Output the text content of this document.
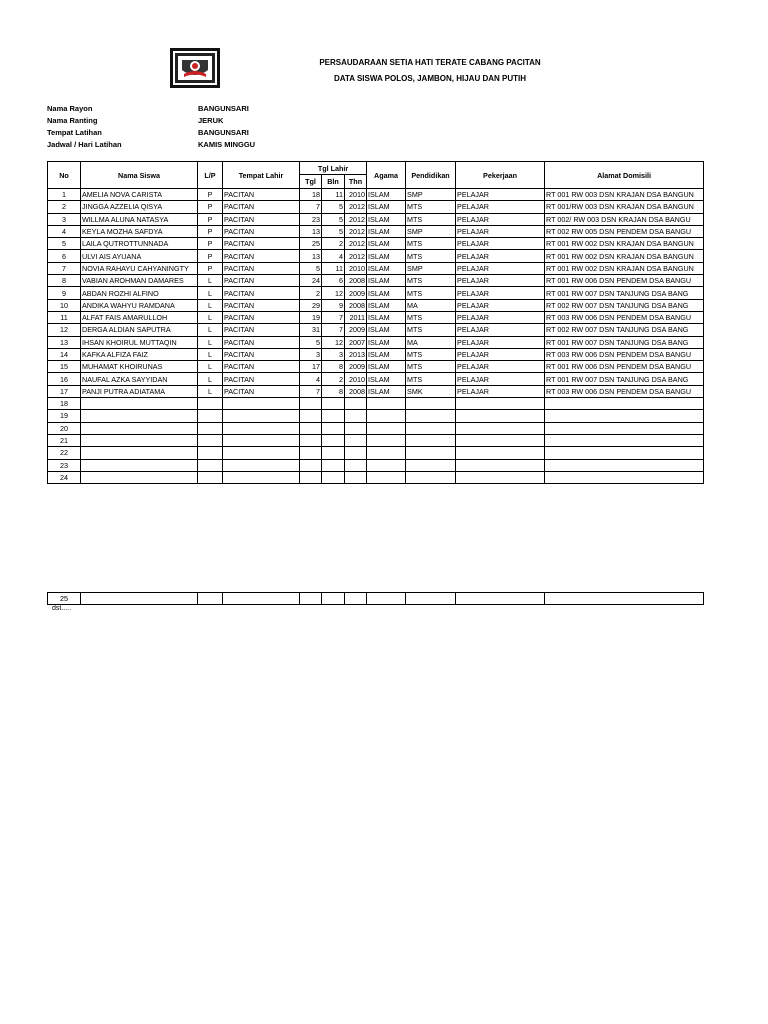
PERSAUDARAAN SETIA HATI TERATE CABANG PACITAN
DATA SISWA POLOS, JAMBON, HIJAU DAN PUTIH
Nama Rayon	BANGUNSARI
Nama Ranting	JERUK
Tempat Latihan	BANGUNSARI
Jadwal / Hari Latihan	KAMIS MINGGU
No	Nama Siswa	L/P	Tempat Lahir	Tgl Lahir			Agama	Pendidikan	Pekerjaan	Alamat Domisili
				Tgl	Bln	Thn				
1	AMELIA NOVA CARISTA	P	PACITAN	18	11	2010	ISLAM	SMP	PELAJAR	RT 001 RW 003 DSN KRAJAN DSA BANGUN
2	JINGGA AZZELIA QISYA	P	PACITAN	7	5	2012	ISLAM	MTS	PELAJAR	RT 001/RW 003 DSN KRAJAN DSA BANGUN
3	WILLMA ALUNA NATASYA	P	PACITAN	23	5	2012	ISLAM	MTS	PELAJAR	RT 002/ RW 003 DSN KRAJAN DSA BANGU
4	KEYLA MOZHA SAFDYA	P	PACITAN	13	5	2012	ISLAM	SMP	PELAJAR	RT 002 RW 005 DSN PENDEM DSA BANGU
5	LAILA QUTROTTUNNADA	P	PACITAN	25	2	2012	ISLAM	MTS	PELAJAR	RT 001 RW 002 DSN KRAJAN DSA BANGUN
6	ULVI AIS AYUANA	P	PACITAN	13	4	2012	ISLAM	MTS	PELAJAR	RT 001 RW 002 DSN KRAJAN DSA BANGUN
7	NOVIA RAHAYU CAHYANINGTY	P	PACITAN	5	11	2010	ISLAM	SMP	PELAJAR	RT 001 RW 002 DSN KRAJAN DSA BANGUN
8	VABIAN AROHMAN DAMARES	L	PACITAN	24	6	2008	ISLAM	MTS	PELAJAR	RT 001 RW 006 DSN PENDEM DSA BANGU
9	ABDAN ROZHI ALFINO	L	PACITAN	2	12	2009	ISLAM	MTS	PELAJAR	RT 001 RW 007 DSN TANJUNG DSA BANG
10	ANDIKA WAHYU RAMDANA	L	PACITAN	29	9	2008	ISLAM	MA	PELAJAR	RT 002 RW 007 DSN TANJUNG DSA BANG
11	ALFAT FAIS AMARULLOH	L	PACITAN	19	7	2011	ISLAM	MTS	PELAJAR	RT 003 RW 006 DSN PENDEM DSA BANGU
12	DERGA ALDIAN SAPUTRA	L	PACITAN	31	7	2009	ISLAM	MTS	PELAJAR	RT 002 RW 007 DSN TANJUNG DSA BANG
13	IHSAN KHOIRUL MUTTAQIN	L	PACITAN	5	12	2007	ISLAM	MA	PELAJAR	RT 001 RW 007 DSN TANJUNG DSA BANG
14	KAFKA ALFIZA FAIZ	L	PACITAN	3	3	2013	ISLAM	MTS	PELAJAR	RT 003 RW 006 DSN PENDEM DSA BANGU
15	MUHAMAT KHOIRUNAS	L	PACITAN	17	8	2009	ISLAM	MTS	PELAJAR	RT 001 RW 006 DSN PENDEM DSA BANGU
16	NAUFAL AZKA SAYYIDAN	L	PACITAN	4	2	2010	ISLAM	MTS	PELAJAR	RT 001 RW 007 DSN TANJUNG DSA BANG
17	PANJI PUTRA ADIATAMA	L	PACITAN	7	8	2008	ISLAM	SMK	PELAJAR	RT 003 RW 006 DSN PENDEM DSA BANGU
18										
19										
20										
21										
22										
23										
24										
25										
dst.....
